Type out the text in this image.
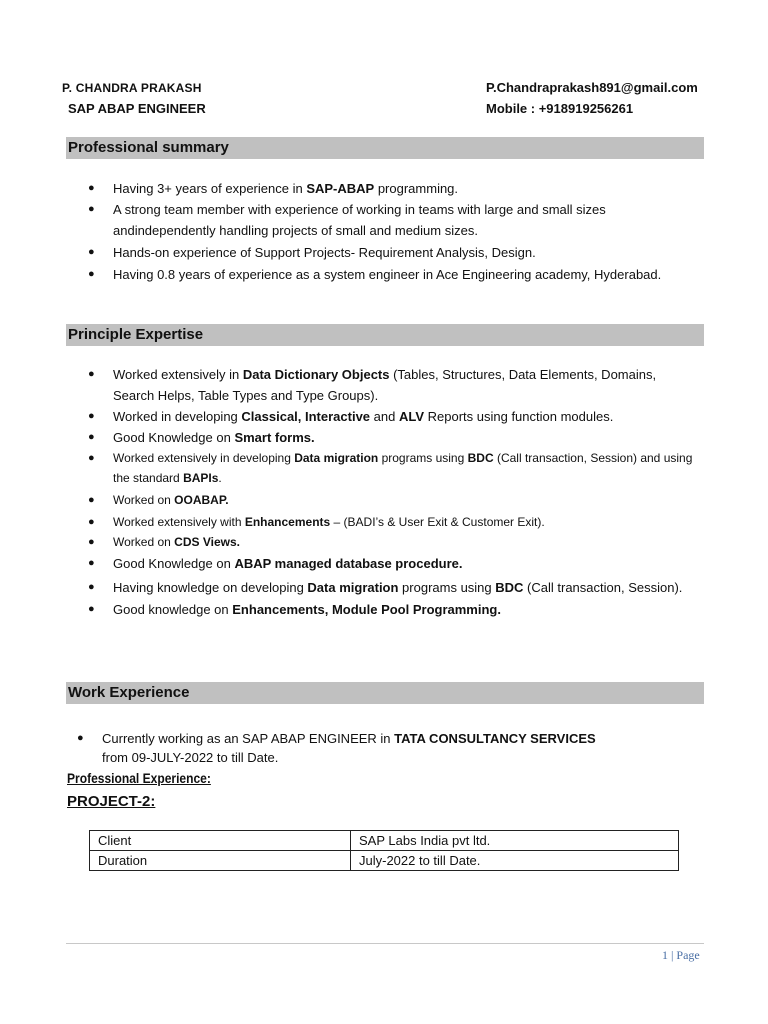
P. CHANDRA PRAKASH
SAP ABAP ENGINEER
P.Chandraprakash891@gmail.com
Mobile : +918919256261
Professional summary
● Having 3+ years of experience in SAP-ABAP programming.
● A strong team member with experience of working in teams with large and small sizes andindependently handling projects of small and medium sizes.
● Hands-on experience of Support Projects- Requirement Analysis, Design.
● Having 0.8 years of experience as a system engineer in Ace Engineering academy, Hyderabad.
Principle Expertise
● Worked extensively in Data Dictionary Objects (Tables, Structures, Data Elements, Domains, Search Helps, Table Types and Type Groups).
● Worked in developing Classical, Interactive and ALV Reports using function modules.
● Good Knowledge on Smart forms.
● Worked extensively in developing Data migration programs using BDC (Call transaction, Session) and using the standard BAPIs.
● Worked on OOABAP.
● Worked extensively with Enhancements – (BADI’s & User Exit & Customer Exit).
● Worked on CDS Views.
● Good Knowledge on ABAP managed database procedure.
● Having knowledge on developing Data migration programs using BDC (Call transaction, Session).
● Good knowledge on Enhancements, Module Pool Programming.
Work Experience
● Currently working as an SAP ABAP ENGINEER in TATA CONSULTANCY SERVICES from 09-JULY-2022 to till Date.
Professional Experience:
PROJECT-2:
Client	SAP Labs India pvt ltd.
Duration	July-2022 to till Date.
1 | Page
